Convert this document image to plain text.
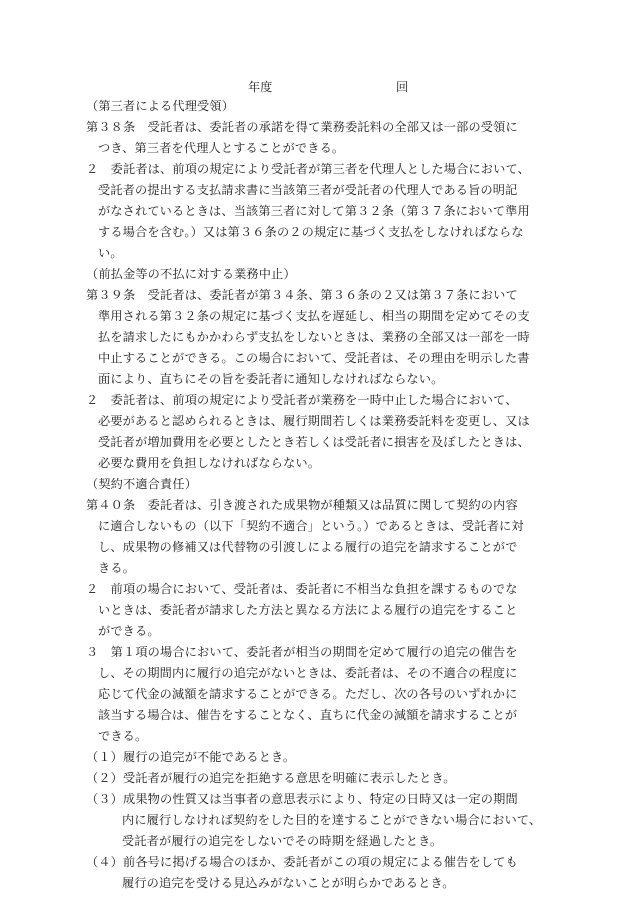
年度	回
（第三者による代理受領）
第３８条　受託者は、委託者の承諾を得て業務委託料の全部又は一部の受領に
つき、第三者を代理人とすることができる。
２　委託者は、前項の規定により受託者が第三者を代理人とした場合において、
受託者の提出する支払請求書に当該第三者が受託者の代理人である旨の明記
がなされているときは、当該第三者に対して第３２条（第３７条において準用
する場合を含む。）又は第３６条の２の規定に基づく支払をしなければならな
い。
（前払金等の不払に対する業務中止）
第３９条　受託者は、委託者が第３４条、第３６条の２又は第３７条において
準用される第３２条の規定に基づく支払を遅延し、相当の期間を定めてその支
払を請求したにもかかわらず支払をしないときは、業務の全部又は一部を一時
中止することができる。この場合において、受託者は、その理由を明示した書
面により、直ちにその旨を委託者に通知しなければならない。
２　委託者は、前項の規定により受託者が業務を一時中止した場合において、
必要があると認められるときは、履行期間若しくは業務委託料を変更し、又は
受託者が増加費用を必要としたとき若しくは受託者に損害を及ぼしたときは、
必要な費用を負担しなければならない。
（契約不適合責任）
第４０条　委託者は、引き渡された成果物が種類又は品質に関して契約の内容
に適合しないもの（以下「契約不適合」という。）であるときは、受託者に対
し、成果物の修補又は代替物の引渡しによる履行の追完を請求することがで
きる。
２　前項の場合において、受託者は、委託者に不相当な負担を課するものでな
いときは、委託者が請求した方法と異なる方法による履行の追完をすること
ができる。
３　第１項の場合において、委託者が相当の期間を定めて履行の追完の催告を
し、その期間内に履行の追完がないときは、委託者は、その不適合の程度に
応じて代金の減額を請求することができる。ただし、次の各号のいずれかに
該当する場合は、催告をすることなく、直ちに代金の減額を請求することが
できる。
（１）履行の追完が不能であるとき。
（２）受託者が履行の追完を拒絶する意思を明確に表示したとき。
（３）成果物の性質又は当事者の意思表示により、特定の日時又は一定の期間
内に履行しなければ契約をした目的を達することができない場合において、
受託者が履行の追完をしないでその時期を経過したとき。
（４）前各号に掲げる場合のほか、委託者がこの項の規定による催告をしても
履行の追完を受ける見込みがないことが明らかであるとき。
